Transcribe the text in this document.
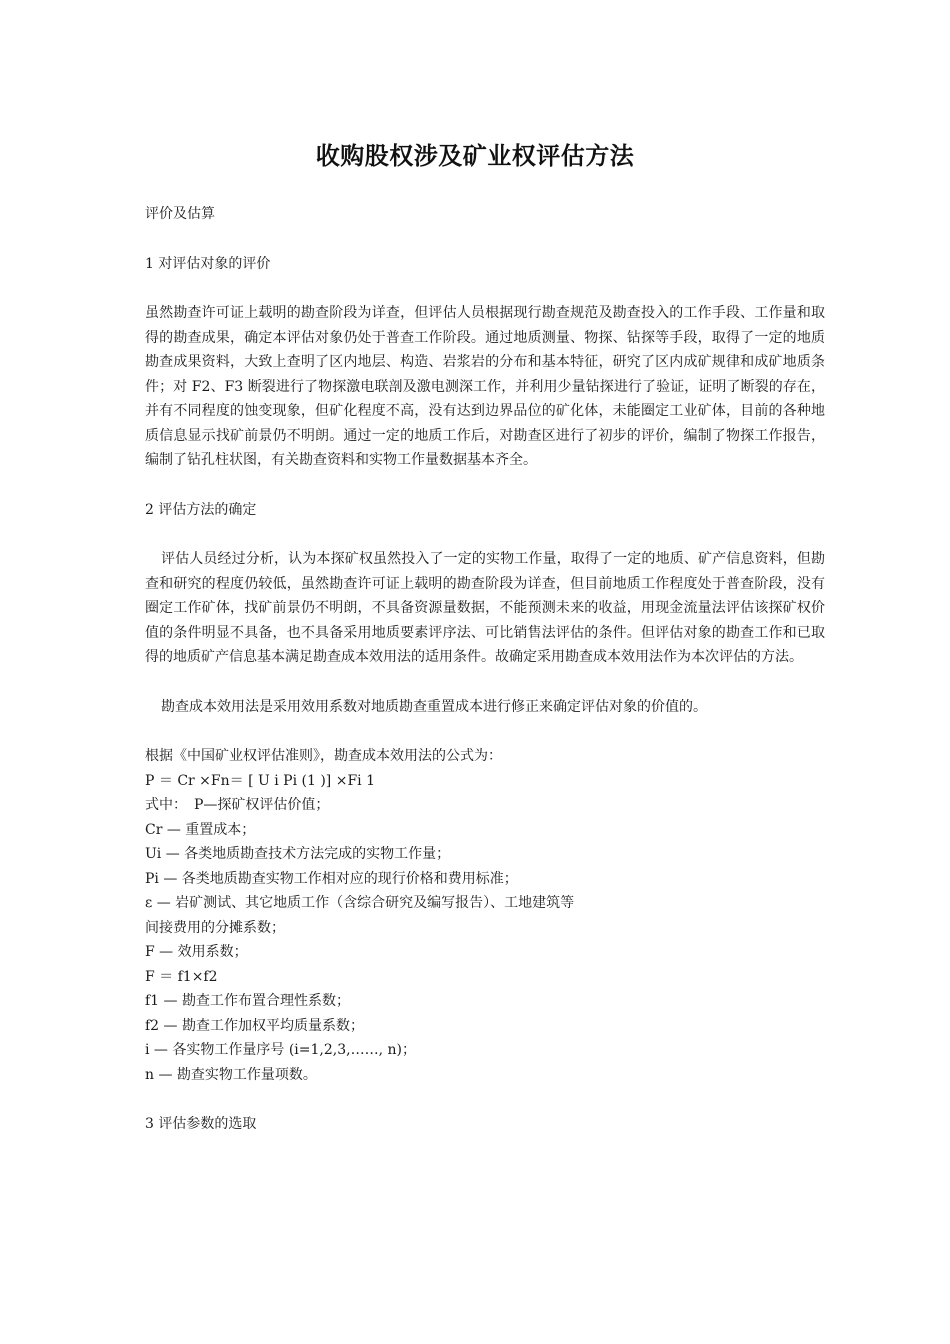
收购股权涉及矿业权评估方法

评价及估算

1 对评估对象的评价

虽然勘查许可证上载明的勘查阶段为详查，但评估人员根据现行勘查规范及勘查投入的工作手段、工作量和取得的勘查成果，确定本评估对象仍处于普查工作阶段。通过地质测量、物探、钻探等手段，取得了一定的地质勘查成果资料，大致上查明了区内地层、构造、岩浆岩的分布和基本特征，研究了区内成矿规律和成矿地质条件；对 F2、F3 断裂进行了物探激电联剖及激电测深工作，并利用少量钻探进行了验证，证明了断裂的存在，并有不同程度的蚀变现象，但矿化程度不高，没有达到边界品位的矿化体，未能圈定工业矿体，目前的各种地质信息显示找矿前景仍不明朗。通过一定的地质工作后，对勘查区进行了初步的评价，编制了物探工作报告，编制了钻孔柱状图，有关勘查资料和实物工作量数据基本齐全。

2 评估方法的确定

评估人员经过分析，认为本探矿权虽然投入了一定的实物工作量，取得了一定的地质、矿产信息资料，但勘查和研究的程度仍较低，虽然勘查许可证上载明的勘查阶段为详查，但目前地质工作程度处于普查阶段，没有圈定工作矿体，找矿前景仍不明朗，不具备资源量数据，不能预测未来的收益，用现金流量法评估该探矿权价值的条件明显不具备，也不具备采用地质要素评序法、可比销售法评估的条件。但评估对象的勘查工作和已取得的地质矿产信息基本满足勘查成本效用法的适用条件。故确定采用勘查成本效用法作为本次评估的方法。

勘查成本效用法是采用效用系数对地质勘查重置成本进行修正来确定评估对象的价值的。

根据《中国矿业权评估准则》，勘查成本效用法的公式为：

P ＝ Cr ×Fn＝ [ U i Pi (1 )] ×Fi 1

式中：　P—探矿权评估价值；

Cr — 重置成本；

Ui — 各类地质勘查技术方法完成的实物工作量；

Pi — 各类地质勘查实物工作相对应的现行价格和费用标准；

ε — 岩矿测试、其它地质工作（含综合研究及编写报告）、工地建筑等

间接费用的分摊系数；

F — 效用系数；

F ＝ f1×f2

f1 — 勘查工作布置合理性系数；

f2 — 勘查工作加权平均质量系数；

i — 各实物工作量序号 (i=1,2,3,……, n)；

n — 勘查实物工作量项数。

3 评估参数的选取
